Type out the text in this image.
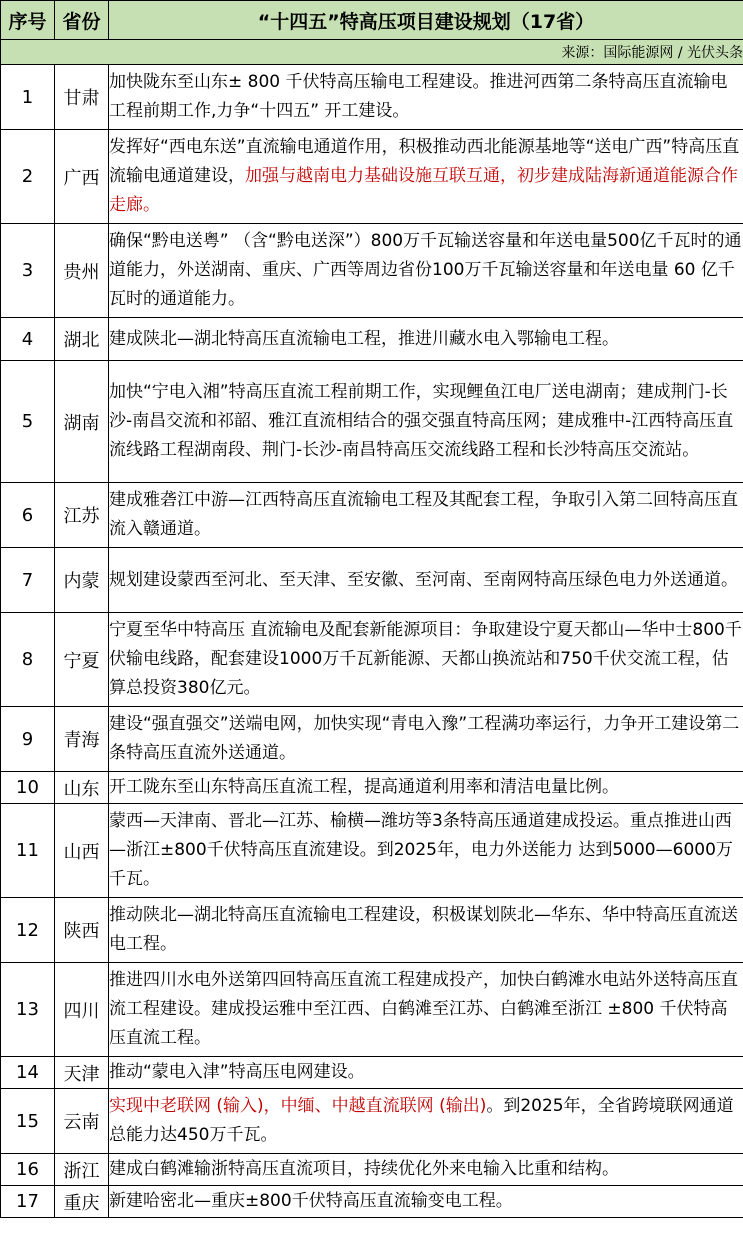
序号	省份	“十四五”特高压项目建设规划（17省）
来源：国际能源网 / 光伏头条		
1	甘肃	加快陇东至山东± 800 千伏特高压输电工程建设。推进河西第二条特高压直流输电工程前期工作,力争“十四五” 开工建设。
2	广西	发挥好“西电东送”直流输电通道作用，积极推动西北能源基地等“送电广西”特高压直流输电通道建设，加强与越南电力基础设施互联互通，初步建成陆海新通道能源合作走廊。
3	贵州	确保“黔电送粤” （含“黔电送深”）800万千瓦输送容量和年送电量500亿千瓦时的通道能力，外送湖南、重庆、广西等周边省份100万千瓦输送容量和年送电量 60 亿千瓦时的通道能力。
4	湖北	建成陕北—湖北特高压直流输电工程，推进川藏水电入鄂输电工程。
5	湖南	加快“宁电入湘”特高压直流工程前期工作，实现鲤鱼江电厂送电湖南；建成荆门-长沙-南昌交流和祁韶、雅江直流相结合的强交强直特高压网；建成雅中-江西特高压直流线路工程湖南段、荆门-长沙-南昌特高压交流线路工程和长沙特高压交流站。
6	江苏	建成雅砻江中游—江西特高压直流输电工程及其配套工程，争取引入第二回特高压直流入赣通道。
7	内蒙	规划建设蒙西至河北、至天津、至安徽、至河南、至南网特高压绿色电力外送通道。
8	宁夏	宁夏至华中特高压 直流输电及配套新能源项目：争取建设宁夏天都山—华中士800千伏输电线路，配套建设1000万千瓦新能源、天都山换流站和750千伏交流工程，估算总投资380亿元。
9	青海	建设“强直强交”送端电网，加快实现“青电入豫”工程满功率运行，力争开工建设第二条特高压直流外送通道。
10	山东	开工陇东至山东特高压直流工程，提高通道利用率和清洁电量比例。
11	山西	蒙西—天津南、晋北—江苏、榆横—潍坊等3条特高压通道建成投运。重点推进山西—浙江±800千伏特高压直流建设。到2025年，电力外送能力 达到5000—6000万千瓦。
12	陕西	推动陕北—湖北特高压直流输电工程建设，积极谋划陕北—华东、华中特高压直流送电工程。
13	四川	推进四川水电外送第四回特高压直流工程建成投产，加快白鹤滩水电站外送特高压直流工程建设。建成投运雅中至江西、白鹤滩至江苏、白鹤滩至浙江 ±800 千伏特高压直流工程。
14	天津	推动“蒙电入津”特高压电网建设。
15	云南	实现中老联网 (输入)，中缅、中越直流联网 (输出)。到2025年，全省跨境联网通道总能力达450万千瓦。
16	浙江	建成白鹤滩输浙特高压直流项目，持续优化外来电输入比重和结构。
17	重庆	新建哈密北—重庆±800千伏特高压直流输变电工程。
